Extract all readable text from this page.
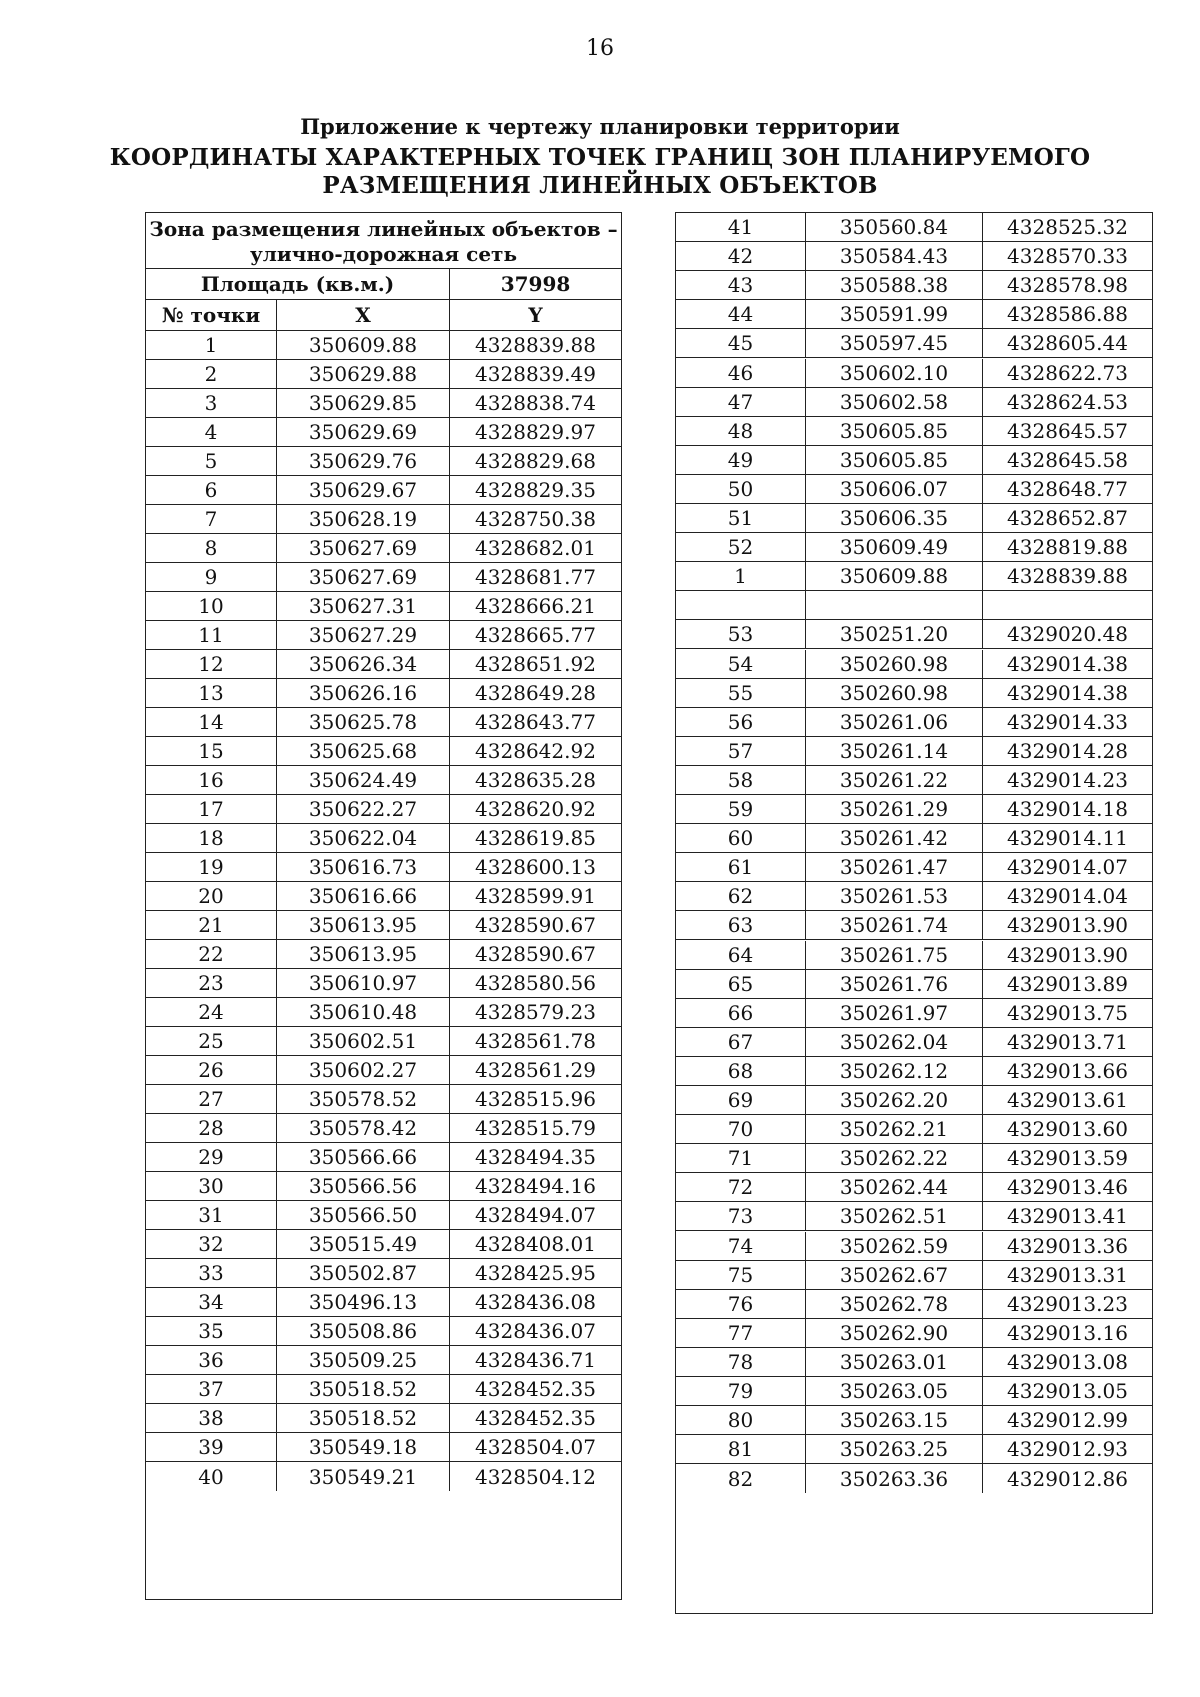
16
Приложение к чертежу планировки территории
КООРДИНАТЫ ХАРАКТЕРНЫХ ТОЧЕК ГРАНИЦ ЗОН ПЛАНИРУЕМОГО
РАЗМЕЩЕНИЯ ЛИНЕЙНЫХ ОБЪЕКТОВ
Зона размещения линейных объектов –
улично-дорожная сеть
Площадь (кв.м.)	37998
№ точки	X	Y
1	350609.88	4328839.88
2	350629.88	4328839.49
3	350629.85	4328838.74
4	350629.69	4328829.97
5	350629.76	4328829.68
6	350629.67	4328829.35
7	350628.19	4328750.38
8	350627.69	4328682.01
9	350627.69	4328681.77
10	350627.31	4328666.21
11	350627.29	4328665.77
12	350626.34	4328651.92
13	350626.16	4328649.28
14	350625.78	4328643.77
15	350625.68	4328642.92
16	350624.49	4328635.28
17	350622.27	4328620.92
18	350622.04	4328619.85
19	350616.73	4328600.13
20	350616.66	4328599.91
21	350613.95	4328590.67
22	350613.95	4328590.67
23	350610.97	4328580.56
24	350610.48	4328579.23
25	350602.51	4328561.78
26	350602.27	4328561.29
27	350578.52	4328515.96
28	350578.42	4328515.79
29	350566.66	4328494.35
30	350566.56	4328494.16
31	350566.50	4328494.07
32	350515.49	4328408.01
33	350502.87	4328425.95
34	350496.13	4328436.08
35	350508.86	4328436.07
36	350509.25	4328436.71
37	350518.52	4328452.35
38	350518.52	4328452.35
39	350549.18	4328504.07
40	350549.21	4328504.12
41	350560.84	4328525.32
42	350584.43	4328570.33
43	350588.38	4328578.98
44	350591.99	4328586.88
45	350597.45	4328605.44
46	350602.10	4328622.73
47	350602.58	4328624.53
48	350605.85	4328645.57
49	350605.85	4328645.58
50	350606.07	4328648.77
51	350606.35	4328652.87
52	350609.49	4328819.88
1	350609.88	4328839.88
53	350251.20	4329020.48
54	350260.98	4329014.38
55	350260.98	4329014.38
56	350261.06	4329014.33
57	350261.14	4329014.28
58	350261.22	4329014.23
59	350261.29	4329014.18
60	350261.42	4329014.11
61	350261.47	4329014.07
62	350261.53	4329014.04
63	350261.74	4329013.90
64	350261.75	4329013.90
65	350261.76	4329013.89
66	350261.97	4329013.75
67	350262.04	4329013.71
68	350262.12	4329013.66
69	350262.20	4329013.61
70	350262.21	4329013.60
71	350262.22	4329013.59
72	350262.44	4329013.46
73	350262.51	4329013.41
74	350262.59	4329013.36
75	350262.67	4329013.31
76	350262.78	4329013.23
77	350262.90	4329013.16
78	350263.01	4329013.08
79	350263.05	4329013.05
80	350263.15	4329012.99
81	350263.25	4329012.93
82	350263.36	4329012.86
